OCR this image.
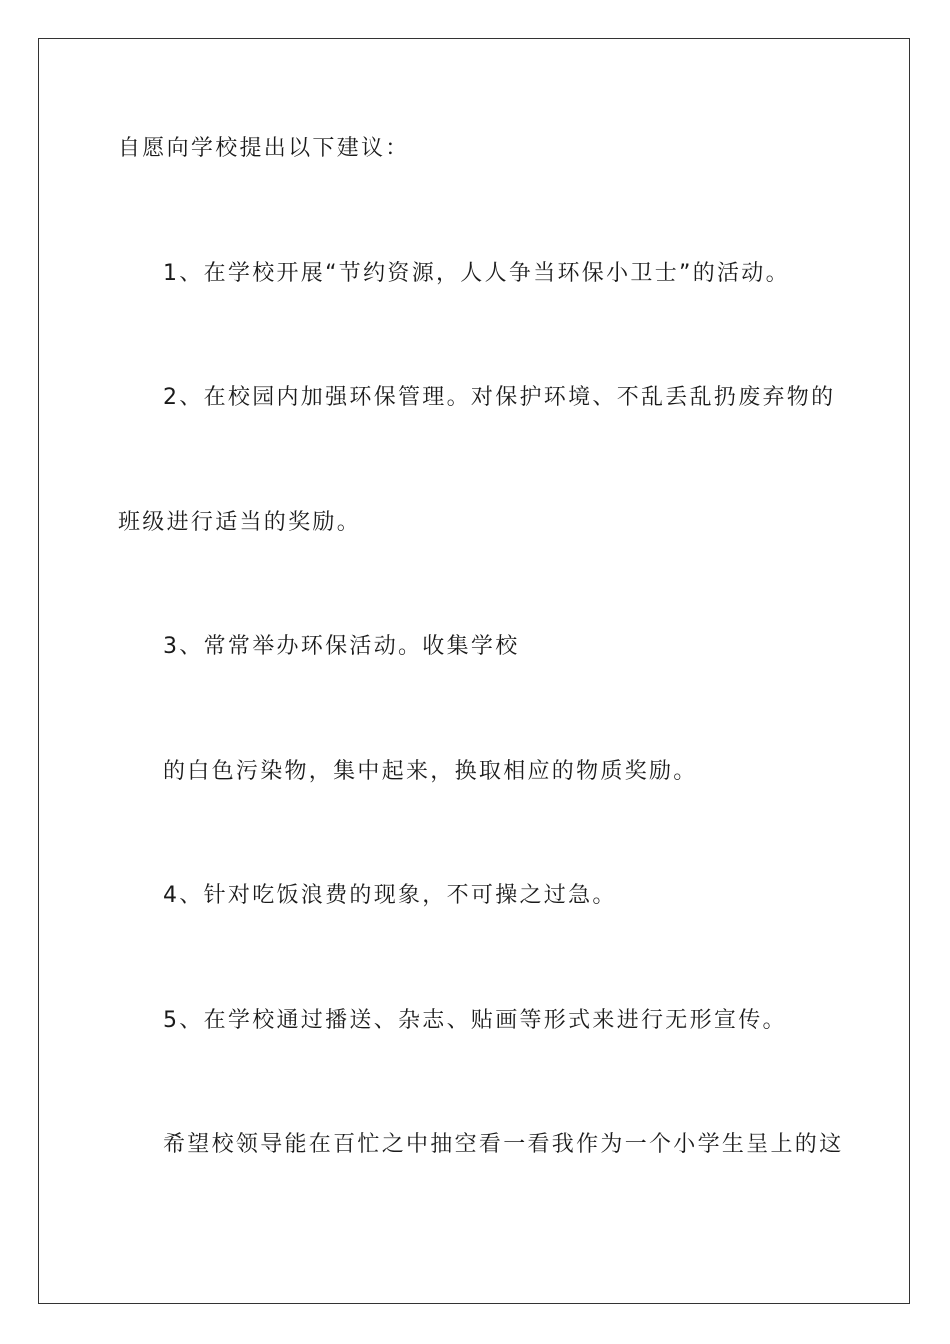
自愿向学校提出以下建议：
1、在学校开展“节约资源，人人争当环保小卫士”的活动。
2、在校园内加强环保管理。对保护环境、不乱丢乱扔废弃物的
班级进行适当的奖励。
3、常常举办环保活动。收集学校
的白色污染物，集中起来，换取相应的物质奖励。
4、针对吃饭浪费的现象，不可操之过急。
5、在学校通过播送、杂志、贴画等形式来进行无形宣传。
希望校领导能在百忙之中抽空看一看我作为一个小学生呈上的这
